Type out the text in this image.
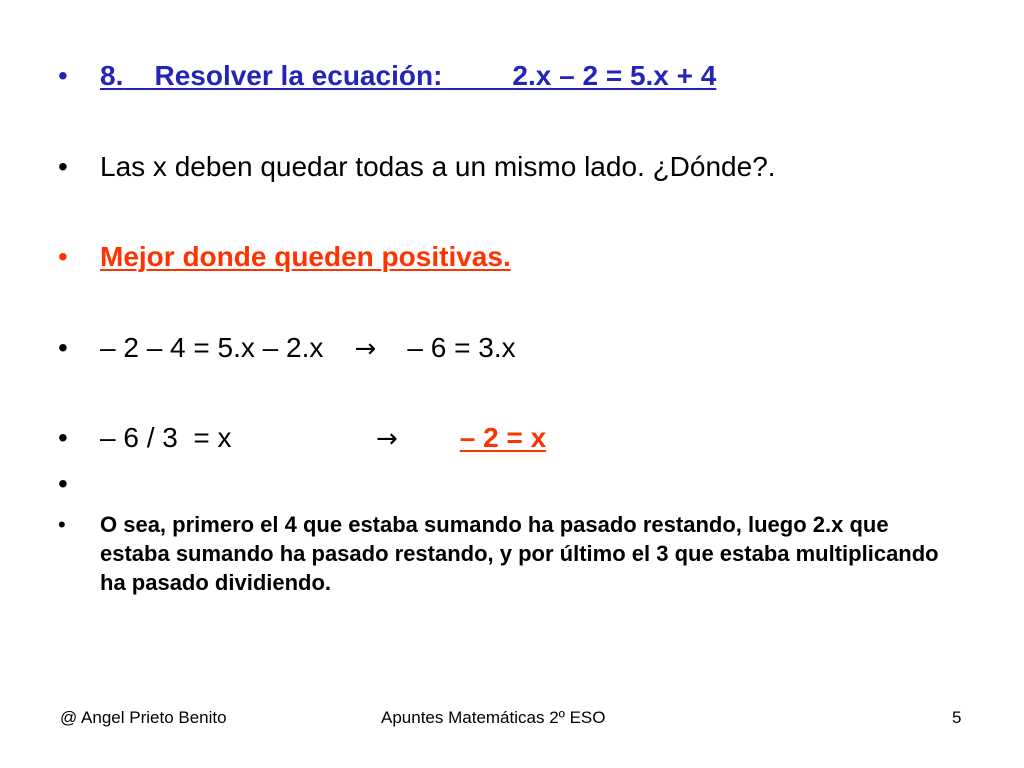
•	8. Resolver la ecuación:	2.x – 2 = 5.x + 4
•	Las x deben quedar todas a un mismo lado. ¿Dónde?.
•	Mejor donde queden positivas.
•	– 2 – 4 = 5.x – 2.x
→
– 6 = 3.x
•	– 6 / 3  = x	→ – 2 = x
•
•	O sea, primero el 4 que estaba sumando ha pasado restando, luego 2.x que estaba sumando ha pasado restando, y por último el 3 que estaba multiplicando ha pasado dividiendo.
@ Angel Prieto Benito	Apuntes Matemáticas 2º ESO	5
